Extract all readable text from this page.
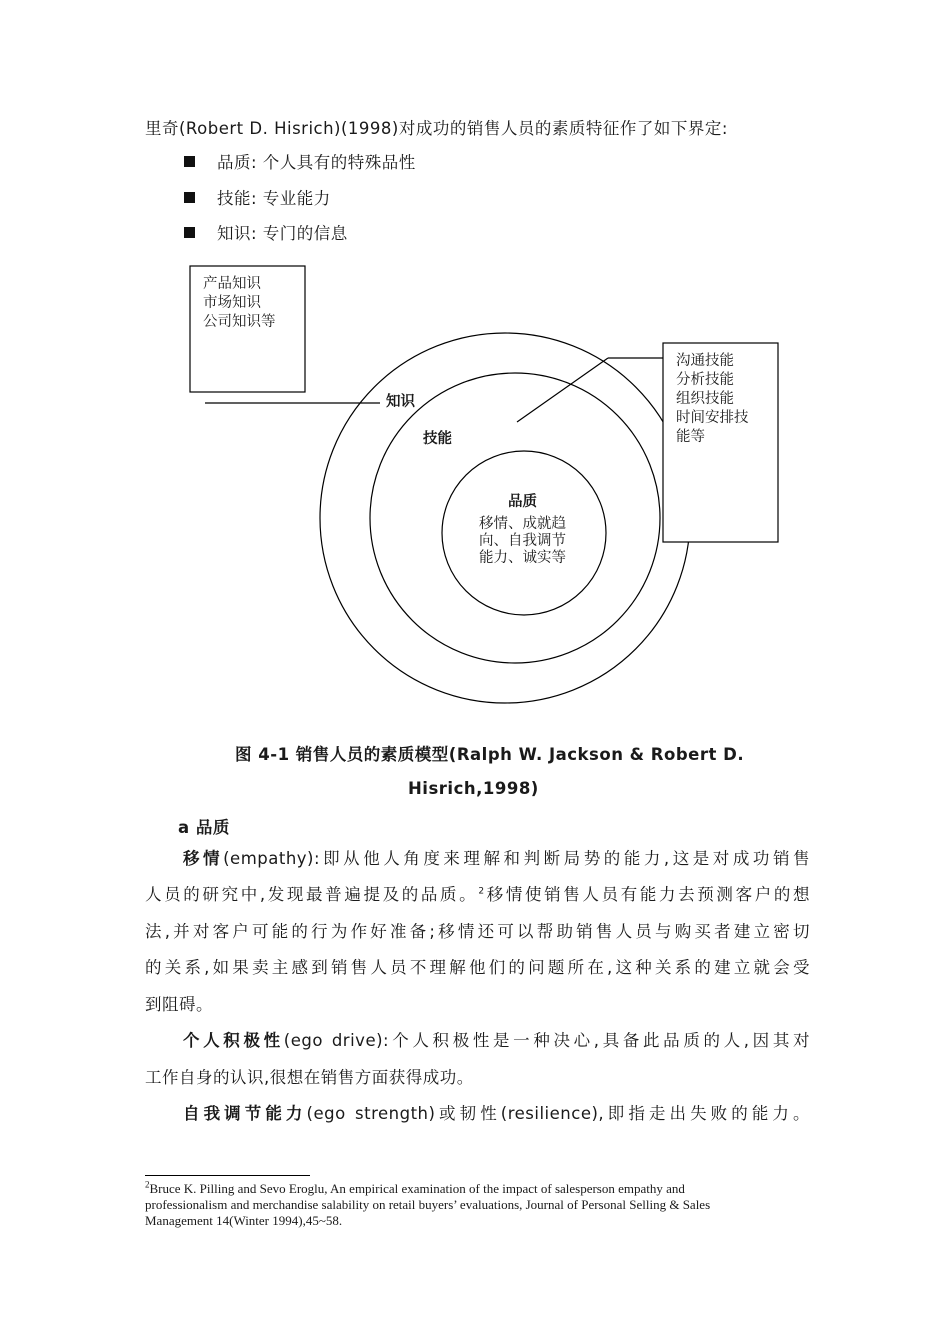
里奇(Robert D. Hisrich)(1998)对成功的销售人员的素质特征作了如下界定:
品质: 个人具有的特殊品性
技能: 专业能力
知识: 专门的信息
产品知识
市场知识
公司知识等
知识
技能
品质
移情、成就趋
向、自我调节
能力、诚实等
沟通技能
分析技能
组织技能
时间安排技
能等
图 4-1 销售人员的素质模型(Ralph W. Jackson & Robert D.
Hisrich,1998)
a 品质
移情(empathy):即从他人角度来理解和判断局势的能力,这是对成功销售
人员的研究中,发现最普遍提及的品质。$^2$移情使销售人员有能力去预测客户的想
法,并对客户可能的行为作好准备;移情还可以帮助销售人员与购买者建立密切
的关系,如果卖主感到销售人员不理解他们的问题所在,这种关系的建立就会受
到阻碍。
个人积极性(ego drive):个人积极性是一种决心,具备此品质的人,因其对
工作自身的认识,很想在销售方面获得成功。
自我调节能力(ego strength)或韧性(resilience),即指走出失败的能力。
$^2$Bruce K. Pilling and Sevo Eroglu, An empirical examination of the impact of salesperson empathy and
professionalism and merchandise salability on retail buyers’ evaluations, Journal of Personal Selling & Sales
Management 14(Winter 1994),45~58.
